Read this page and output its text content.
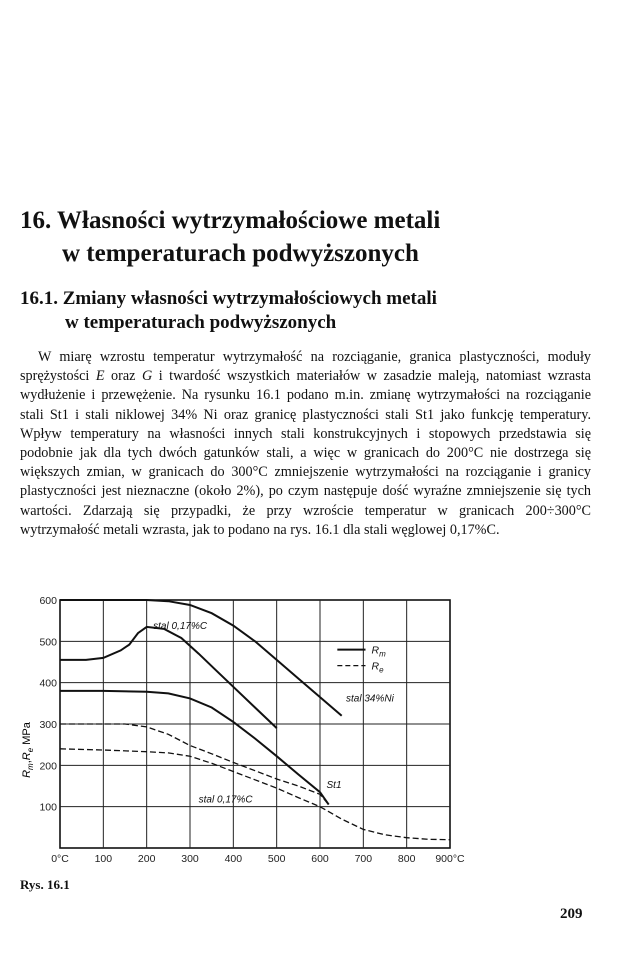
16. Własności wytrzymałościowe metali
w temperaturach podwyższonych
16.1. Zmiany własności wytrzymałościowych metali
w temperaturach podwyższonych

W miarę wzrostu temperatur wytrzymałość na rozciąganie, granica plastyczności, moduły sprężystości E oraz G i twardość wszystkich materiałów w zasadzie maleją, natomiast wzrasta wydłużenie i przewężenie. Na rysunku 16.1 podano m.in. zmianę wytrzymałości na rozciąganie stali St1 i stali niklowej 34% Ni oraz granicę plastyczności stali St1 jako funkcję temperatury. Wpływ temperatury na własności innych stali konstrukcyjnych i stopowych przedstawia się podobnie jak dla tych dwóch gatunków stali, a więc w granicach do 200°C nie dostrzega się większych zmian, w granicach do 300°C zmniejszenie wytrzymałości na rozciąganie i granicy plastyczności jest nieznaczne (około 2%), po czym następuje dość wyraźne zmniejszenie się tych wartości. Zdarzają się przypadki, że przy wzroście temperatur w granicach 200÷300°C wytrzymałość metali wzrasta, jak to podano na rys. 16.1 dla stali węglowej 0,17%C.

0°C 100 200 300 400 500 600 700 800 900°C
100
200
300
400
500
600
stal 0,17%C
stal 34%Ni
St1
stal 0,17%C
$R_m$
$R_e$
$R_m,R_e$ MPa
Rys. 16.1
209
